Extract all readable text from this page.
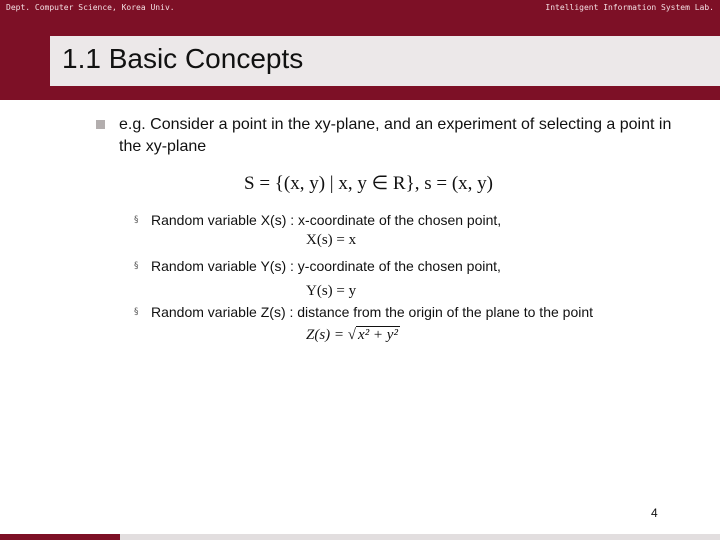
Dept. Computer Science, Korea Univ.	Intelligent Information System Lab.
1.1 Basic Concepts
e.g. Consider a point in the xy-plane, and an experiment of selecting a point in the xy-plane
S = {(x, y) | x, y ∈ R}, s = (x, y)
§ Random variable X(s) : x-coordinate of the chosen point,
X(s) = x
§ Random variable Y(s) : y-coordinate of the chosen point,
Y(s) = y
§ Random variable Z(s) : distance from the origin of the plane to the point
Z(s) = √ x² + y²
4
